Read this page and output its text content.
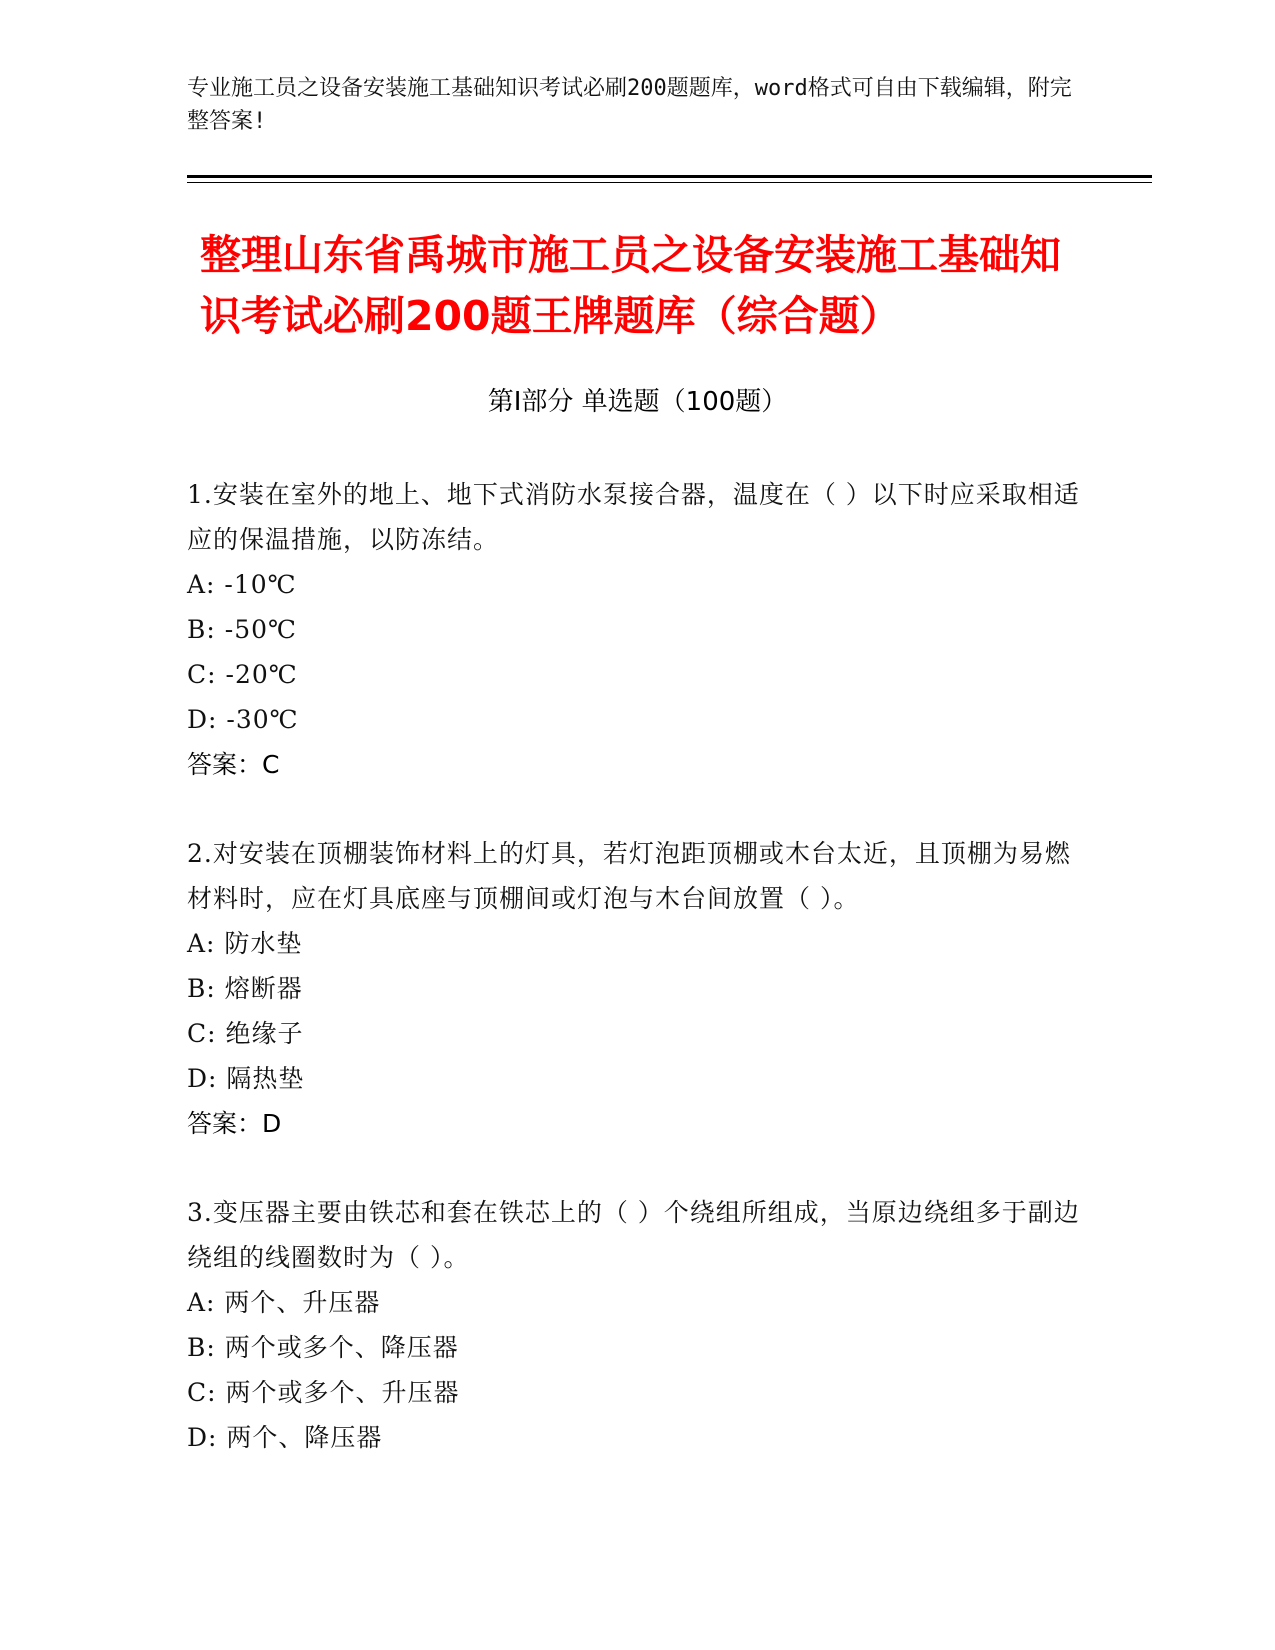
专业施工员之设备安装施工基础知识考试必刷200题题库，word格式可自由下载编辑，附完整答案!
整理山东省禹城市施工员之设备安装施工基础知识考试必刷200题王牌题库（综合题）
第I部分 单选题（100题）
1.安装在室外的地上、地下式消防水泵接合器，温度在（ ）以下时应采取相适应的保温措施，以防冻结。
A: -10℃
B: -50℃
C: -20℃
D: -30℃
答案：C
2.对安装在顶棚装饰材料上的灯具，若灯泡距顶棚或木台太近，且顶棚为易燃材料时，应在灯具底座与顶棚间或灯泡与木台间放置（ ）。
A: 防水垫
B: 熔断器
C: 绝缘子
D: 隔热垫
答案：D
3.变压器主要由铁芯和套在铁芯上的（ ）个绕组所组成，当原边绕组多于副边绕组的线圈数时为（ ）。
A: 两个、升压器
B: 两个或多个、降压器
C: 两个或多个、升压器
D: 两个、降压器
